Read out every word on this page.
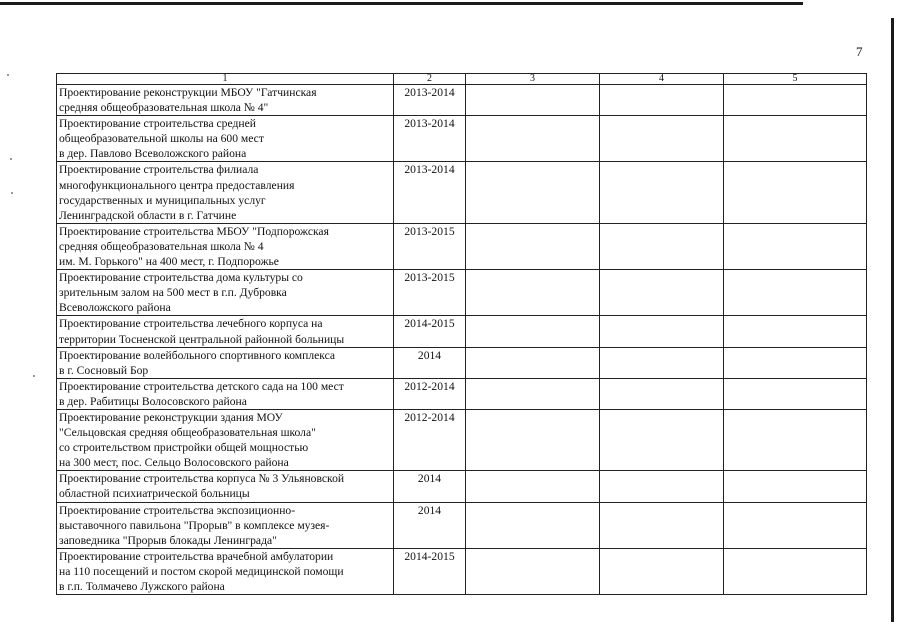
7
1	2	3	4	5
Проектирование реконструкции МБОУ "Гатчинская
средняя общеобразовательная школа № 4"	2013-2014			
Проектирование строительства средней
общеобразовательной школы на 600 мест
в дер. Павлово Всеволожского района	2013-2014			
Проектирование строительства филиала
многофункционального центра предоставления
государственных и муниципальных услуг
Ленинградской области в г. Гатчине	2013-2014			
Проектирование строительства МБОУ "Подпорожская
средняя общеобразовательная школа № 4
им. М. Горького" на 400 мест, г. Подпорожье	2013-2015			
Проектирование строительства дома культуры со
зрительным залом на 500 мест в г.п. Дубровка
Всеволожского района	2013-2015			
Проектирование строительства лечебного корпуса на
территории Тосненской центральной районной больницы	2014-2015			
Проектирование волейбольного спортивного комплекса
в г. Сосновый Бор	2014			
Проектирование строительства детского сада на 100 мест
в дер. Рабитицы Волосовского района	2012-2014			
Проектирование реконструкции здания МОУ
"Сельцовская средняя общеобразовательная школа"
со строительством пристройки общей мощностью
на 300 мест, пос. Сельцо Волосовского района	2012-2014			
Проектирование строительства корпуса № 3 Ульяновской
областной психиатрической больницы	2014			
Проектирование строительства экспозиционно-
выставочного павильона "Прорыв" в комплексе музея-
заповедника "Прорыв блокады Ленинграда"	2014			
Проектирование строительства врачебной амбулатории
на 110 посещений и постом скорой медицинской помощи
в г.п. Толмачево Лужского района	2014-2015			
